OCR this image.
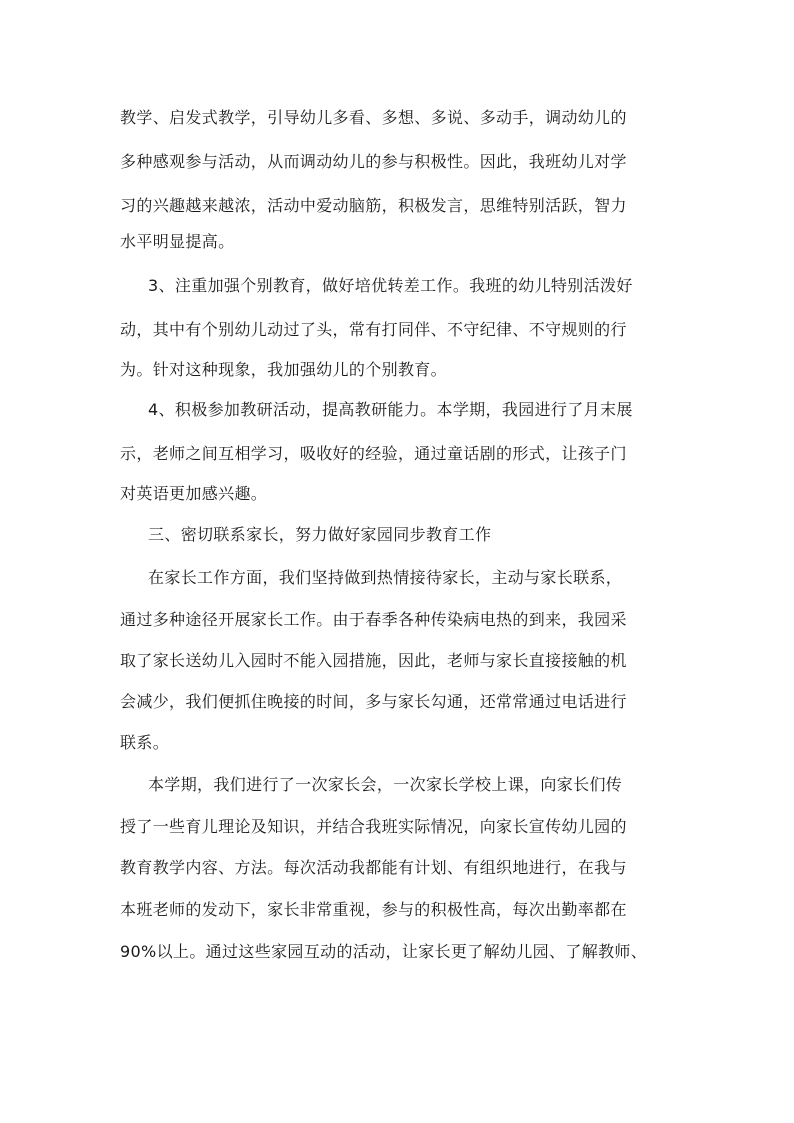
教学、启发式教学，引导幼儿多看、多想、多说、多动手，调动幼儿的
多种感观参与活动，从而调动幼儿的参与积极性。因此，我班幼儿对学
习的兴趣越来越浓，活动中爱动脑筋，积极发言，思维特别活跃，智力
水平明显提高。
3、注重加强个别教育，做好培优转差工作。我班的幼儿特别活泼好
动，其中有个别幼儿动过了头，常有打同伴、不守纪律、不守规则的行
为。针对这种现象，我加强幼儿的个别教育。
4、积极参加教研活动，提高教研能力。本学期，我园进行了月末展
示，老师之间互相学习，吸收好的经验，通过童话剧的形式，让孩子门
对英语更加感兴趣。
三、密切联系家长，努力做好家园同步教育工作
在家长工作方面，我们坚持做到热情接待家长，主动与家长联系，
通过多种途径开展家长工作。由于春季各种传染病电热的到来，我园采
取了家长送幼儿入园时不能入园措施，因此，老师与家长直接接触的机
会减少，我们便抓住晚接的时间，多与家长勾通，还常常通过电话进行
联系。
本学期，我们进行了一次家长会，一次家长学校上课，向家长们传
授了一些育儿理论及知识，并结合我班实际情况，向家长宣传幼儿园的
教育教学内容、方法。每次活动我都能有计划、有组织地进行，在我与
本班老师的发动下，家长非常重视，参与的积极性高，每次出勤率都在
90%以上。通过这些家园互动的活动，让家长更了解幼儿园、了解教师、
